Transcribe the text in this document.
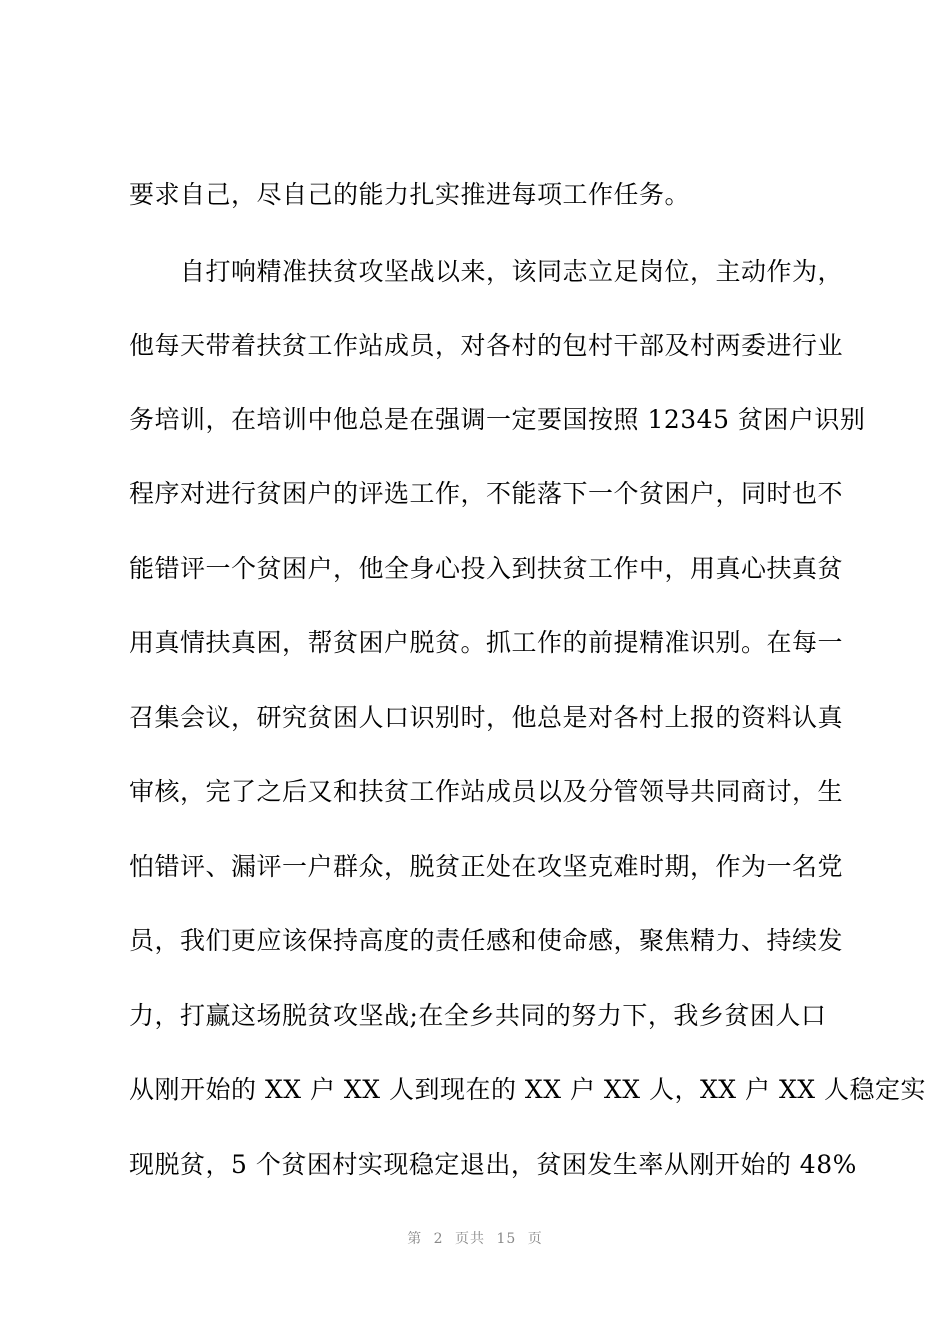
要求自己，尽自己的能力扎实推进每项工作任务。
　　自打响精准扶贫攻坚战以来，该同志立足岗位，主动作为，
他每天带着扶贫工作站成员，对各村的包村干部及村两委进行业
务培训，在培训中他总是在强调一定要国按照 12345 贫困户识别
程序对进行贫困户的评选工作，不能落下一个贫困户，同时也不
能错评一个贫困户，他全身心投入到扶贫工作中，用真心扶真贫
用真情扶真困，帮贫困户脱贫。抓工作的前提精准识别。在每一
召集会议，研究贫困人口识别时，他总是对各村上报的资料认真
审核，完了之后又和扶贫工作站成员以及分管领导共同商讨，生
怕错评、漏评一户群众，脱贫正处在攻坚克难时期，作为一名党
员，我们更应该保持高度的责任感和使命感，聚焦精力、持续发
力，打赢这场脱贫攻坚战;在全乡共同的努力下，我乡贫困人口
从刚开始的 XX 户 XX 人到现在的 XX 户 XX 人，XX 户 XX 人稳定实
现脱贫，5 个贫困村实现稳定退出，贫困发生率从刚开始的 48%
第 2 页共 15 页
